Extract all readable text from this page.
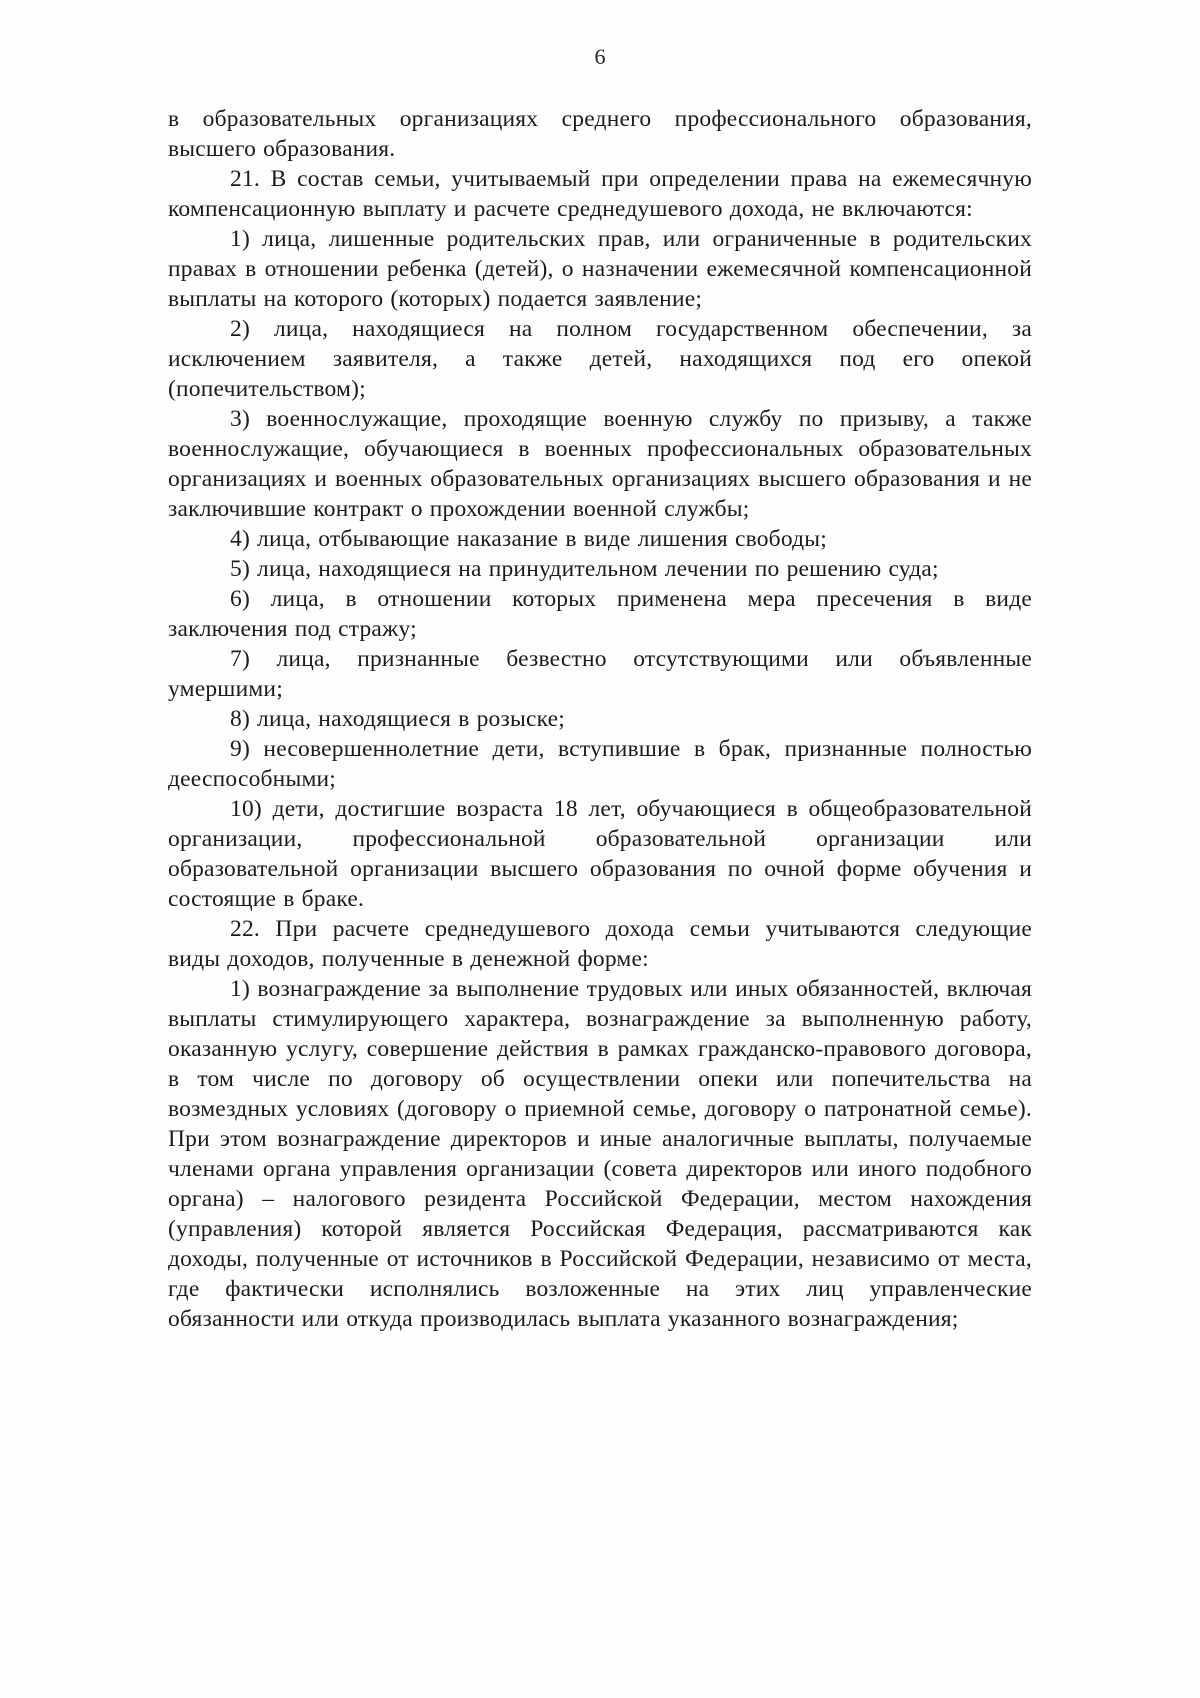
6

в образовательных организациях среднего профессионального образования, высшего образования.

21. В состав семьи, учитываемый при определении права на ежемесячную компенсационную выплату и расчете среднедушевого дохода, не включаются:

1) лица, лишенные родительских прав, или ограниченные в родительских правах в отношении ребенка (детей), о назначении ежемесячной компенсационной выплаты на которого (которых) подается заявление;

2) лица, находящиеся на полном государственном обеспечении, за исключением заявителя, а также детей, находящихся под его опекой (попечительством);

3) военнослужащие, проходящие военную службу по призыву, а также военнослужащие, обучающиеся в военных профессиональных образовательных организациях и военных образовательных организациях высшего образования и не заключившие контракт о прохождении военной службы;

4) лица, отбывающие наказание в виде лишения свободы;

5) лица, находящиеся на принудительном лечении по решению суда;

6) лица, в отношении которых применена мера пресечения в виде заключения под стражу;

7) лица, признанные безвестно отсутствующими или объявленные умершими;

8) лица, находящиеся в розыске;

9) несовершеннолетние дети, вступившие в брак, признанные полностью дееспособными;

10) дети, достигшие возраста 18 лет, обучающиеся в общеобразовательной организации, профессиональной образовательной организации или образовательной организации высшего образования по очной форме обучения и состоящие в браке.

22. При расчете среднедушевого дохода семьи учитываются следующие виды доходов, полученные в денежной форме:

1) вознаграждение за выполнение трудовых или иных обязанностей, включая выплаты стимулирующего характера, вознаграждение за выполненную работу, оказанную услугу, совершение действия в рамках гражданско-правового договора, в том числе по договору об осуществлении опеки или попечительства на возмездных условиях (договору о приемной семье, договору о патронатной семье). При этом вознаграждение директоров и иные аналогичные выплаты, получаемые членами органа управления организации (совета директоров или иного подобного органа) – налогового резидента Российской Федерации, местом нахождения (управления) которой является Российская Федерация, рассматриваются как доходы, полученные от источников в Российской Федерации, независимо от места, где фактически исполнялись возложенные на этих лиц управленческие обязанности или откуда производилась выплата указанного вознаграждения;
